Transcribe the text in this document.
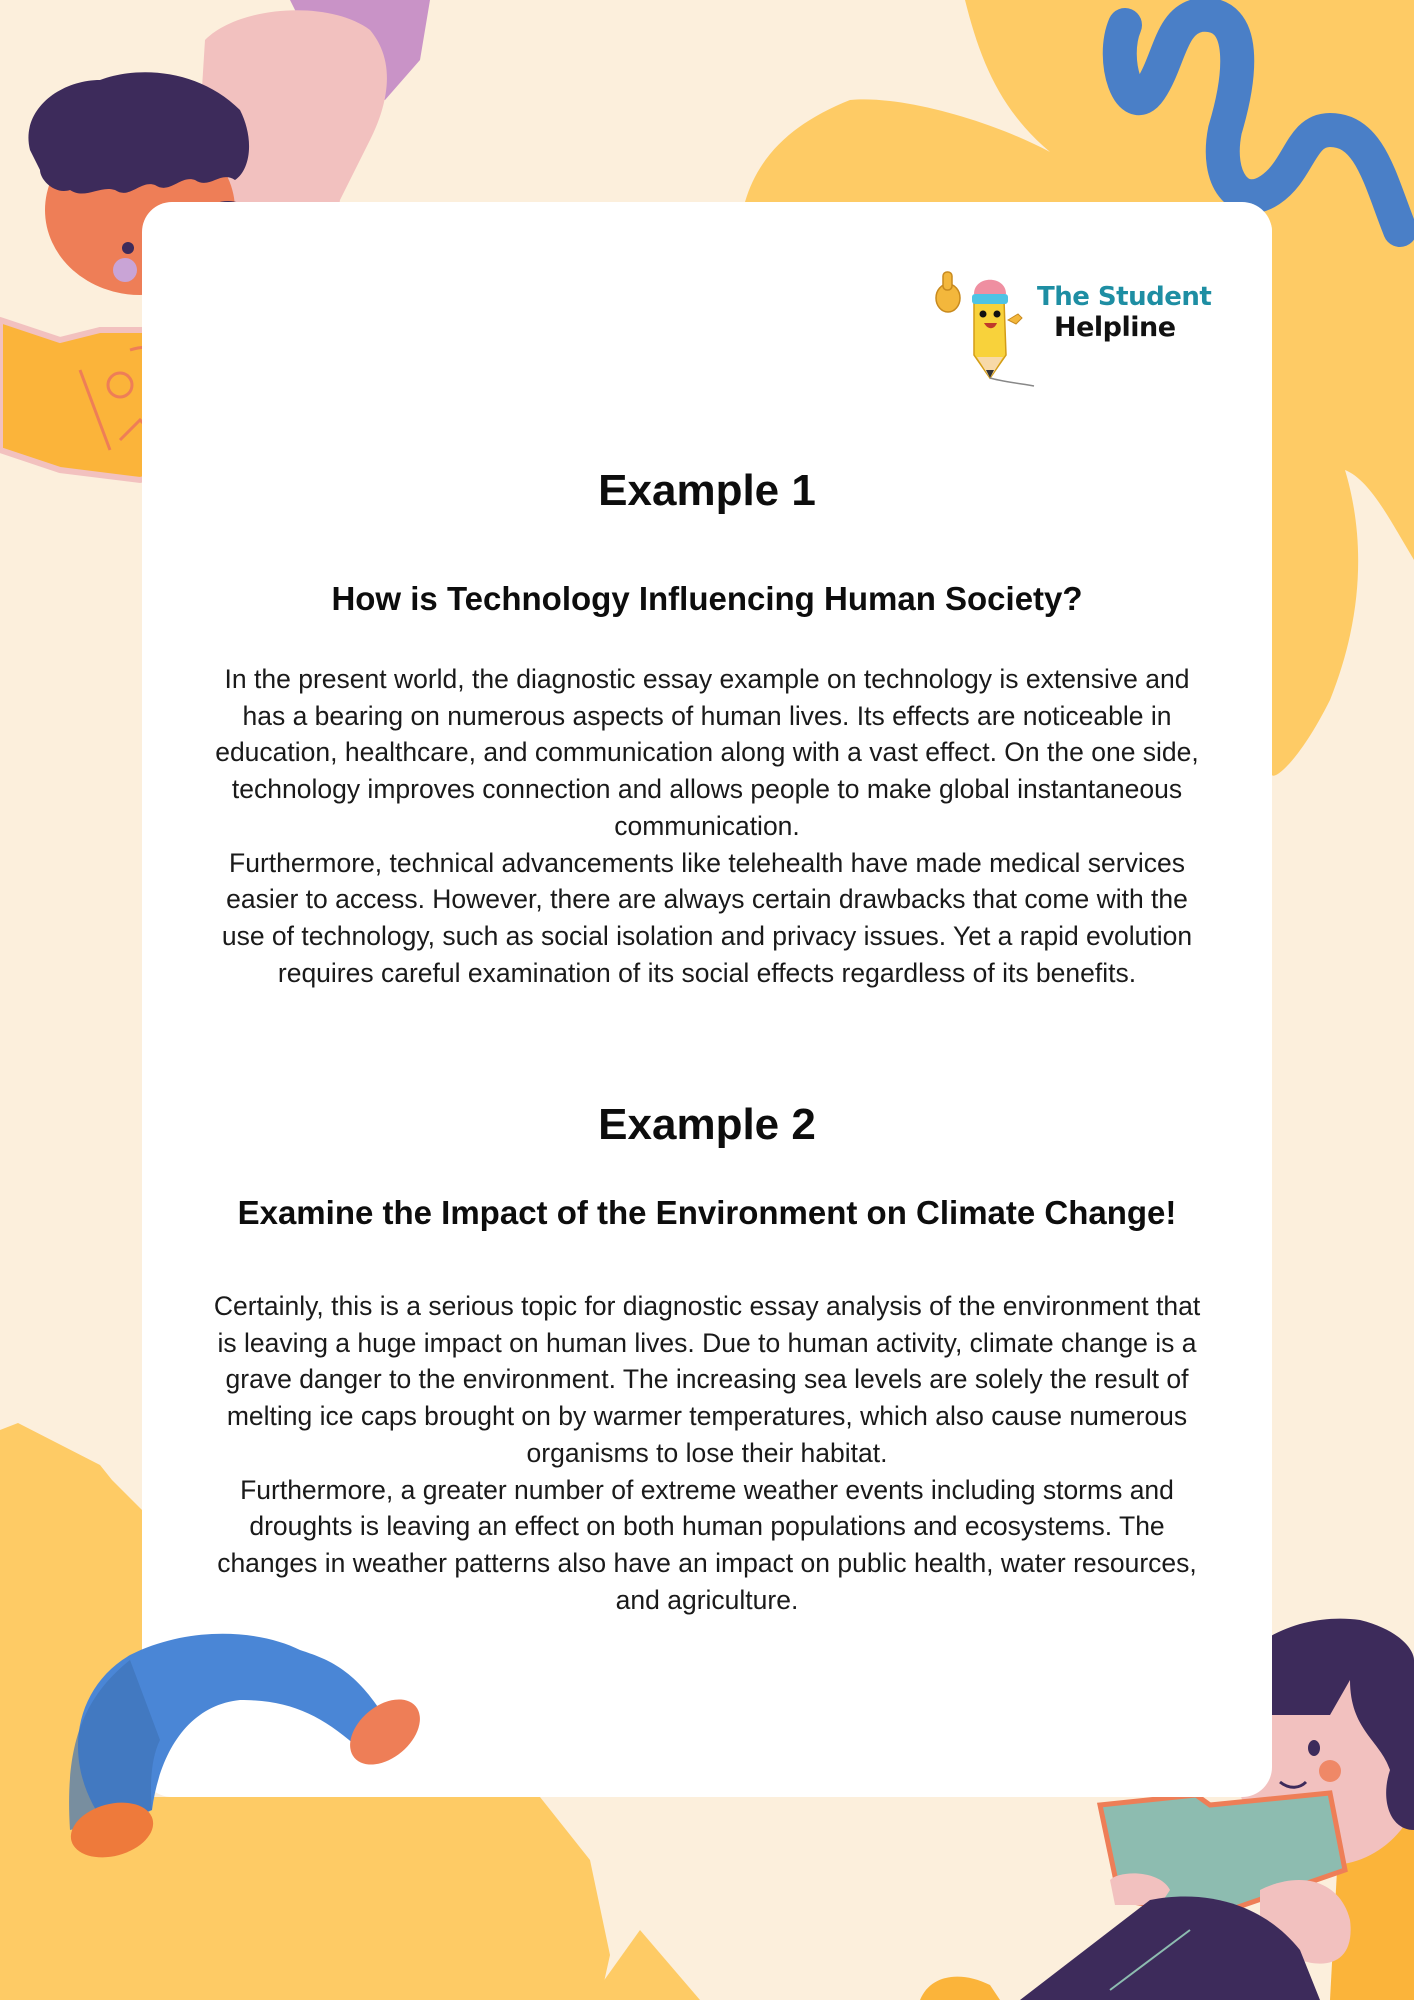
The Student
Helpline
Example 1
How is Technology Influencing Human Society?

In the present world, the diagnostic essay example on technology is extensive and
has a bearing on numerous aspects of human lives. Its effects are noticeable in
education, healthcare, and communication along with a vast effect. On the one side,
technology improves connection and allows people to make global instantaneous
communication.
Furthermore, technical advancements like telehealth have made medical services
easier to access. However, there are always certain drawbacks that come with the
use of technology, such as social isolation and privacy issues. Yet a rapid evolution
requires careful examination of its social effects regardless of its benefits.

Example 2
Examine the Impact of the Environment on Climate Change!

Certainly, this is a serious topic for diagnostic essay analysis of the environment that
is leaving a huge impact on human lives. Due to human activity, climate change is a
grave danger to the environment. The increasing sea levels are solely the result of
melting ice caps brought on by warmer temperatures, which also cause numerous
organisms to lose their habitat.
Furthermore, a greater number of extreme weather events including storms and
droughts is leaving an effect on both human populations and ecosystems. The
changes in weather patterns also have an impact on public health, water resources,
and agriculture.
